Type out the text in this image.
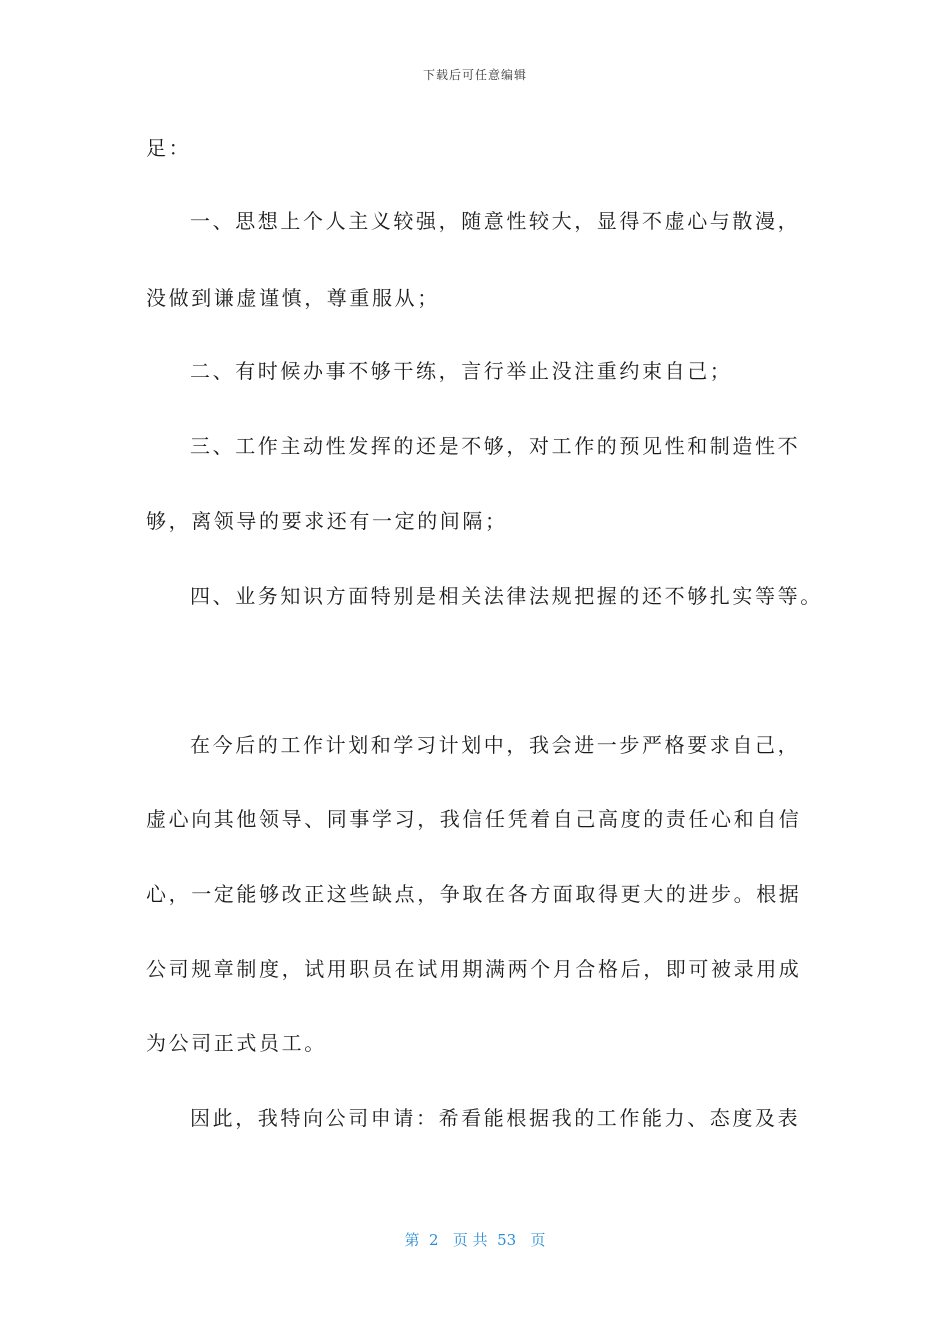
下载后可任意编辑
足：
一、思想上个人主义较强，随意性较大，显得不虚心与散漫，
没做到谦虚谨慎，尊重服从；
二、有时候办事不够干练，言行举止没注重约束自己；
三、工作主动性发挥的还是不够，对工作的预见性和制造性不
够，离领导的要求还有一定的间隔；
四、业务知识方面特别是相关法律法规把握的还不够扎实等等。
在今后的工作计划和学习计划中，我会进一步严格要求自己，
虚心向其他领导、同事学习，我信任凭着自己高度的责任心和自信
心，一定能够改正这些缺点，争取在各方面取得更大的进步。根据
公司规章制度，试用职员在试用期满两个月合格后，即可被录用成
为公司正式员工。
因此，我特向公司申请：希看能根据我的工作能力、态度及表
第  2   页 共  53   页
